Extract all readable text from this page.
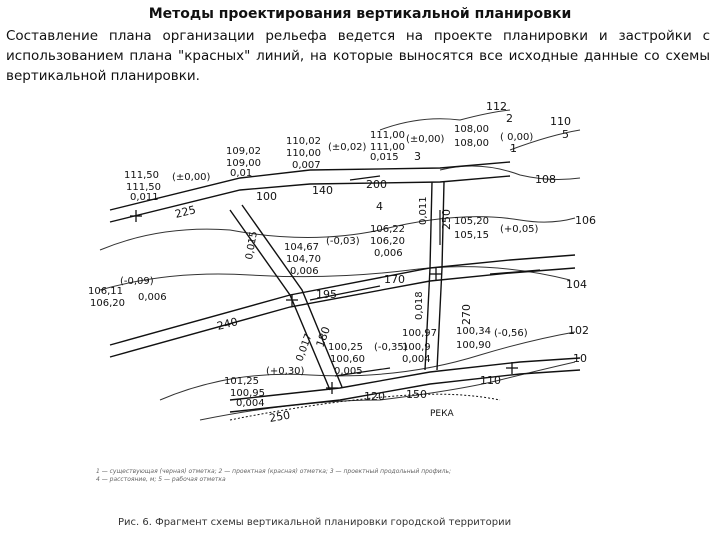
Методы проектирования вертикальной планировки
Составление плана организации рельефа ведется на проекте планировки и застройки с использованием плана "красных" линий, на которые выносятся все исходные данные со схемы вертикальной планировки.
112
110
108
106
104
102
10
225
140
100
200
250
240
195
170
270
180
250
120 150
110
0,015
0,011
0,018
0,017
111,50
111,50
(±0,00)
0,011
109,02
109,00
0,01
110,02
110,00
(±0,02)
0,007
111,00
111,00
(±0,00)
0,015
108,00
108,00
( 0,00)
104,67
104,70
(-0,03)
0,006
106,22
106,20
0,006
105,20
105,15
(+0,05)
106,11
106,20
(-0,09)
0,006
101,25
100,95
(+0,30)
0,004
100,25
100,60
(-0,35)
0,005
100,97
100,9
0,004
100,34
100,90
(-0,56)
1
2
3
4
5
РЕКА
1 — существующая (черная) отметка; 2 — проектная (красная) отметка; 3 — проектный продольный профиль;
4 — расстояние, м; 5 — рабочая отметка
Рис. 6. Фрагмент схемы вертикальной планировки городской территории
